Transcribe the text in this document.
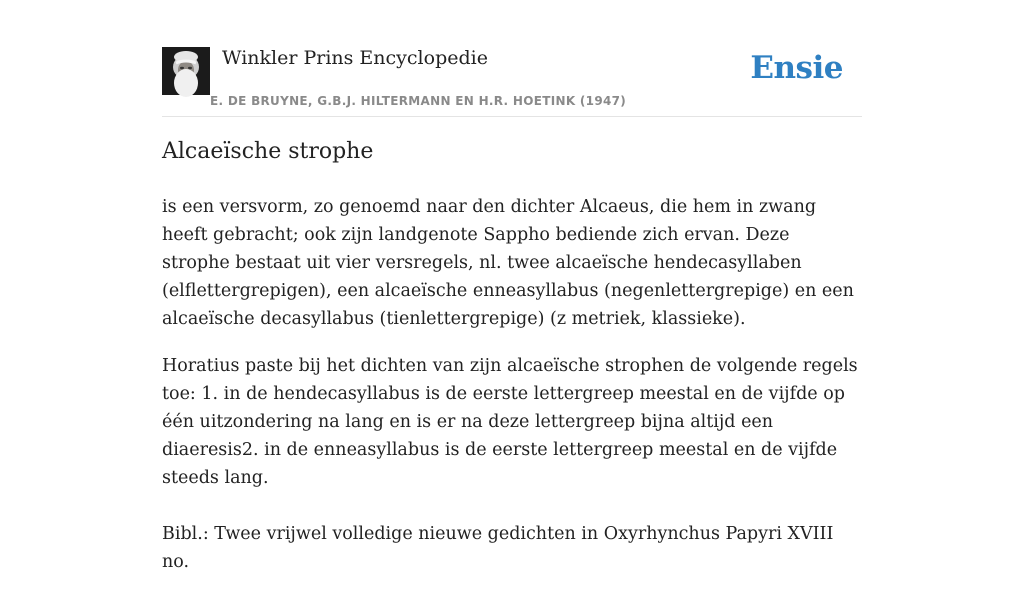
Winkler Prins Encyclopedie
E. DE BRUYNE, G.B.J. HILTERMANN EN H.R. HOETINK (1947)
Ensie
Alcaeïsche strophe

is een versvorm, zo genoemd naar den dichter Alcaeus, die hem in zwang heeft gebracht; ook zijn landgenote Sappho bediende zich ervan. Deze strophe bestaat uit vier versregels, nl. twee alcaeïsche hendecasyllaben (elflettergrepigen), een alcaeïsche enneasyllabus (negenlettergrepige) en een alcaeïsche decasyllabus (tienlettergrepige) (z metriek, klassieke).

Horatius paste bij het dichten van zijn alcaeïsche strophen de volgende regels toe: 1. in de hendecasyllabus is de eerste lettergreep meestal en de vijfde op één uitzondering na lang en is er na deze lettergreep bijna altijd een diaeresis2. in de enneasyllabus is de eerste lettergreep meestal en de vijfde steeds lang.

Bibl.: Twee vrijwel volledige nieuwe gedichten in Oxyrhynchus Papyri XVIII no.
